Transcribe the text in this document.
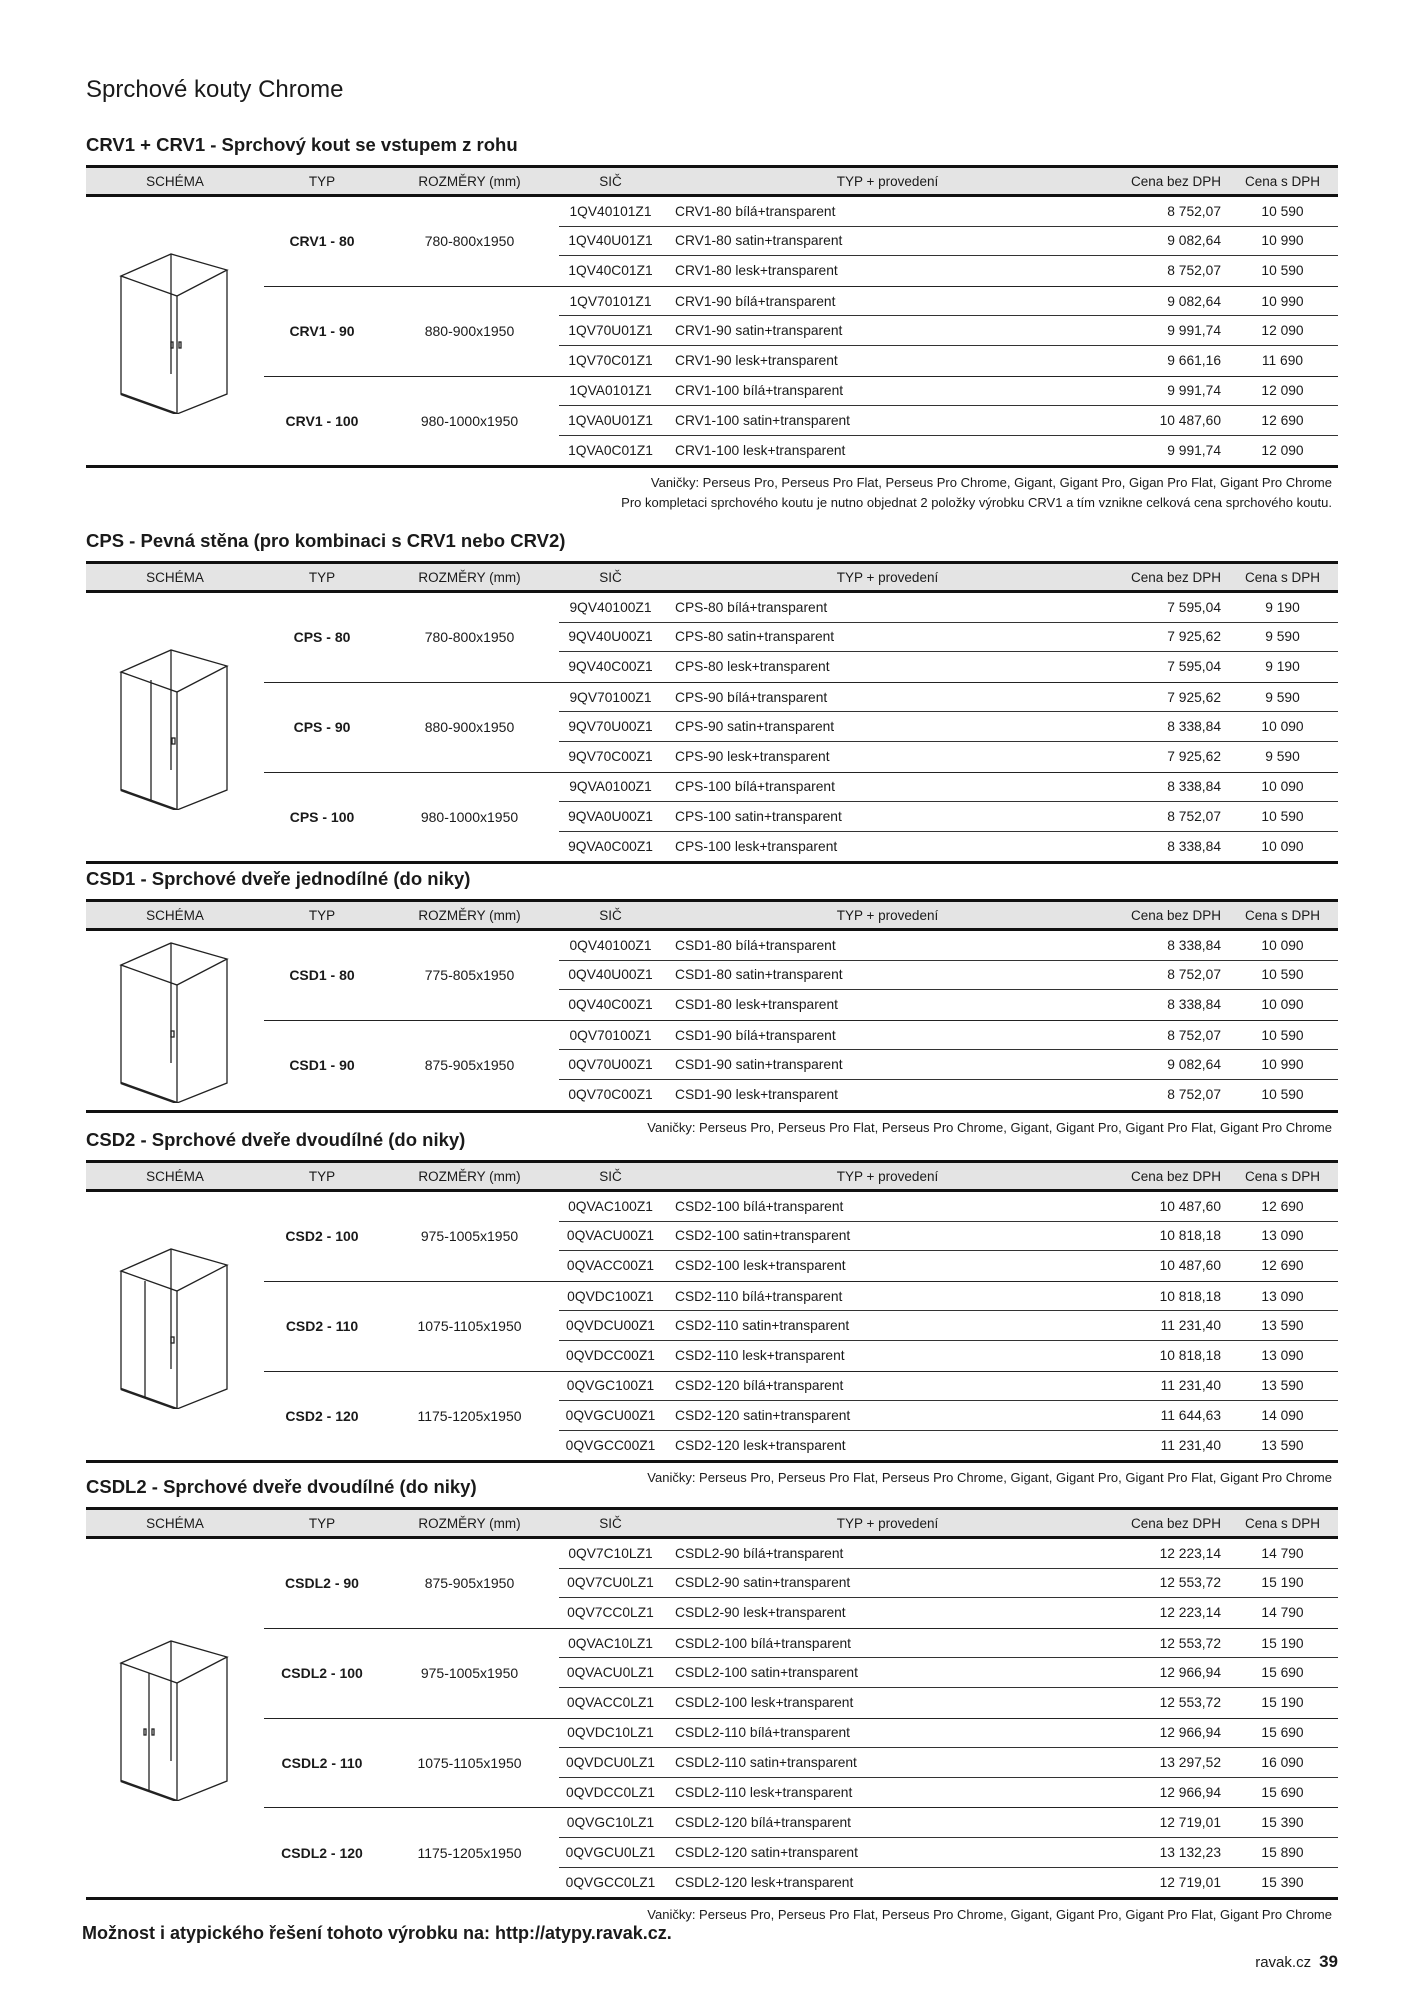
Sprchové kouty Chrome
CRV1 + CRV1 - Sprchový kout se vstupem z rohu
SCHÉMA	TYP	ROZMĚRY (mm)	SIČ	TYP + provedení	Cena bez DPH	Cena s DPH
CRV1 - 80	780-800x1950
1QV40101Z1	CRV1-80 bílá+transparent	8 752,07	10 590
1QV40U01Z1	CRV1-80 satin+transparent	9 082,64	10 990
1QV40C01Z1	CRV1-80 lesk+transparent	8 752,07	10 590
CRV1 - 90	880-900x1950
1QV70101Z1	CRV1-90 bílá+transparent	9 082,64	10 990
1QV70U01Z1	CRV1-90 satin+transparent	9 991,74	12 090
1QV70C01Z1	CRV1-90 lesk+transparent	9 661,16	11 690
CRV1 - 100	980-1000x1950
1QVA0101Z1	CRV1-100 bílá+transparent	9 991,74	12 090
1QVA0U01Z1	CRV1-100 satin+transparent	10 487,60	12 690
1QVA0C01Z1	CRV1-100 lesk+transparent	9 991,74	12 090
Vaničky: Perseus Pro, Perseus Pro Flat, Perseus Pro Chrome, Gigant, Gigant Pro, Gigan Pro Flat, Gigant Pro Chrome
Pro kompletaci sprchového koutu je nutno objednat 2 položky výrobku CRV1 a tím vznikne celková cena sprchového koutu.
CPS - Pevná stěna (pro kombinaci s CRV1 nebo CRV2)
SCHÉMA	TYP	ROZMĚRY (mm)	SIČ	TYP + provedení	Cena bez DPH	Cena s DPH
CPS - 80	780-800x1950
9QV40100Z1	CPS-80 bílá+transparent	7 595,04	9 190
9QV40U00Z1	CPS-80 satin+transparent	7 925,62	9 590
9QV40C00Z1	CPS-80 lesk+transparent	7 595,04	9 190
CPS - 90	880-900x1950
9QV70100Z1	CPS-90 bílá+transparent	7 925,62	9 590
9QV70U00Z1	CPS-90 satin+transparent	8 338,84	10 090
9QV70C00Z1	CPS-90 lesk+transparent	7 925,62	9 590
CPS - 100	980-1000x1950
9QVA0100Z1	CPS-100 bílá+transparent	8 338,84	10 090
9QVA0U00Z1	CPS-100 satin+transparent	8 752,07	10 590
9QVA0C00Z1	CPS-100 lesk+transparent	8 338,84	10 090
CSD1 - Sprchové dveře jednodílné (do niky)
SCHÉMA	TYP	ROZMĚRY (mm)	SIČ	TYP + provedení	Cena bez DPH	Cena s DPH
CSD1 - 80	775-805x1950
0QV40100Z1	CSD1-80 bílá+transparent	8 338,84	10 090
0QV40U00Z1	CSD1-80 satin+transparent	8 752,07	10 590
0QV40C00Z1	CSD1-80 lesk+transparent	8 338,84	10 090
CSD1 - 90	875-905x1950
0QV70100Z1	CSD1-90 bílá+transparent	8 752,07	10 590
0QV70U00Z1	CSD1-90 satin+transparent	9 082,64	10 990
0QV70C00Z1	CSD1-90 lesk+transparent	8 752,07	10 590
Vaničky: Perseus Pro, Perseus Pro Flat, Perseus Pro Chrome, Gigant, Gigant Pro, Gigant Pro Flat, Gigant Pro Chrome
CSD2 - Sprchové dveře dvoudílné (do niky)
SCHÉMA	TYP	ROZMĚRY (mm)	SIČ	TYP + provedení	Cena bez DPH	Cena s DPH
CSD2 - 100	975-1005x1950
0QVAC100Z1	CSD2-100 bílá+transparent	10 487,60	12 690
0QVACU00Z1	CSD2-100 satin+transparent	10 818,18	13 090
0QVACC00Z1	CSD2-100 lesk+transparent	10 487,60	12 690
CSD2 - 110	1075-1105x1950
0QVDC100Z1	CSD2-110 bílá+transparent	10 818,18	13 090
0QVDCU00Z1	CSD2-110 satin+transparent	11 231,40	13 590
0QVDCC00Z1	CSD2-110 lesk+transparent	10 818,18	13 090
CSD2 - 120	1175-1205x1950
0QVGC100Z1	CSD2-120 bílá+transparent	11 231,40	13 590
0QVGCU00Z1	CSD2-120 satin+transparent	11 644,63	14 090
0QVGCC00Z1	CSD2-120 lesk+transparent	11 231,40	13 590
Vaničky: Perseus Pro, Perseus Pro Flat, Perseus Pro Chrome, Gigant, Gigant Pro, Gigant Pro Flat, Gigant Pro Chrome
CSDL2 - Sprchové dveře dvoudílné (do niky)
SCHÉMA	TYP	ROZMĚRY (mm)	SIČ	TYP + provedení	Cena bez DPH	Cena s DPH
CSDL2 - 90	875-905x1950
0QV7C10LZ1	CSDL2-90 bílá+transparent	12 223,14	14 790
0QV7CU0LZ1	CSDL2-90 satin+transparent	12 553,72	15 190
0QV7CC0LZ1	CSDL2-90 lesk+transparent	12 223,14	14 790
CSDL2 - 100	975-1005x1950
0QVAC10LZ1	CSDL2-100 bílá+transparent	12 553,72	15 190
0QVACU0LZ1	CSDL2-100 satin+transparent	12 966,94	15 690
0QVACC0LZ1	CSDL2-100 lesk+transparent	12 553,72	15 190
CSDL2 - 110	1075-1105x1950
0QVDC10LZ1	CSDL2-110 bílá+transparent	12 966,94	15 690
0QVDCU0LZ1	CSDL2-110 satin+transparent	13 297,52	16 090
0QVDCC0LZ1	CSDL2-110 lesk+transparent	12 966,94	15 690
CSDL2 - 120	1175-1205x1950
0QVGC10LZ1	CSDL2-120 bílá+transparent	12 719,01	15 390
0QVGCU0LZ1	CSDL2-120 satin+transparent	13 132,23	15 890
0QVGCC0LZ1	CSDL2-120 lesk+transparent	12 719,01	15 390
Vaničky: Perseus Pro, Perseus Pro Flat, Perseus Pro Chrome, Gigant, Gigant Pro, Gigant Pro Flat, Gigant Pro Chrome
Možnost i atypického řešení tohoto výrobku na: http://atypy.ravak.cz.
ravak.cz 39
